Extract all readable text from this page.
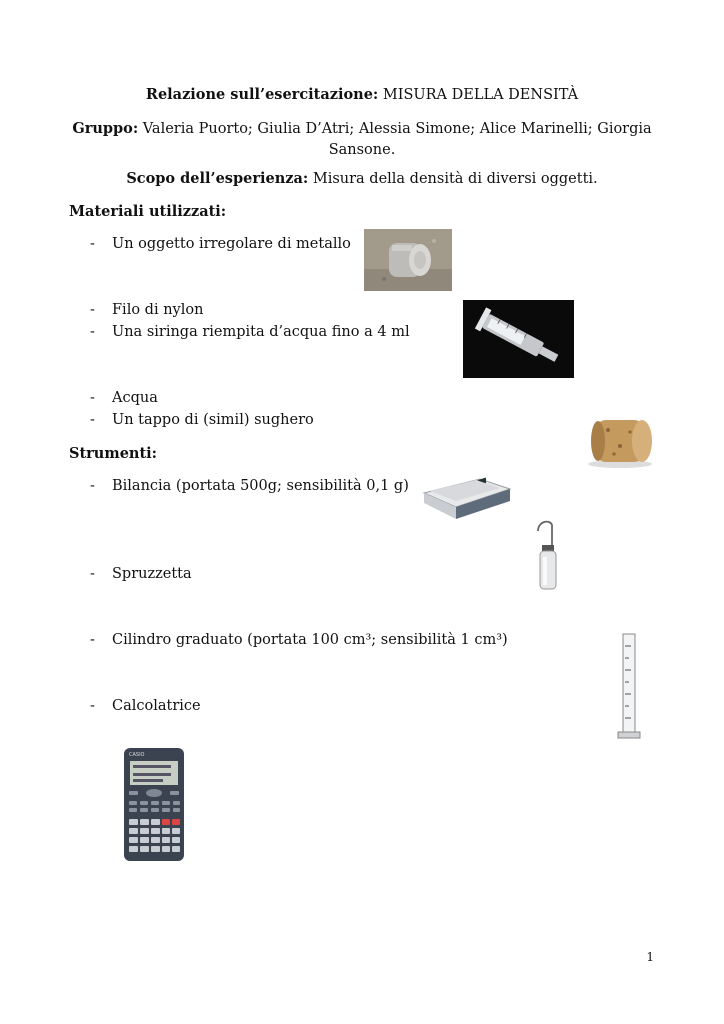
Relazione sull’esercitazione: MISURA DELLA DENSITÀ
Gruppo: Valeria Puorto; Giulia D’Atri; Alessia Simone; Alice Marinelli; Giorgia
Sansone.
Scopo dell’esperienza: Misura della densità di diversi oggetti.
Materiali utilizzati:
- Un oggetto irregolare di metallo
- Filo di nylon
- Una siringa riempita d’acqua fino a 4 ml
- Acqua
- Un tappo di (simil) sughero
Strumenti:
- Bilancia (portata 500g; sensibilità 0,1 g)
- Spruzzetta
- Cilindro graduato (portata 100 cm³; sensibilità 1 cm³)
- Calcolatrice
CASIO
1
